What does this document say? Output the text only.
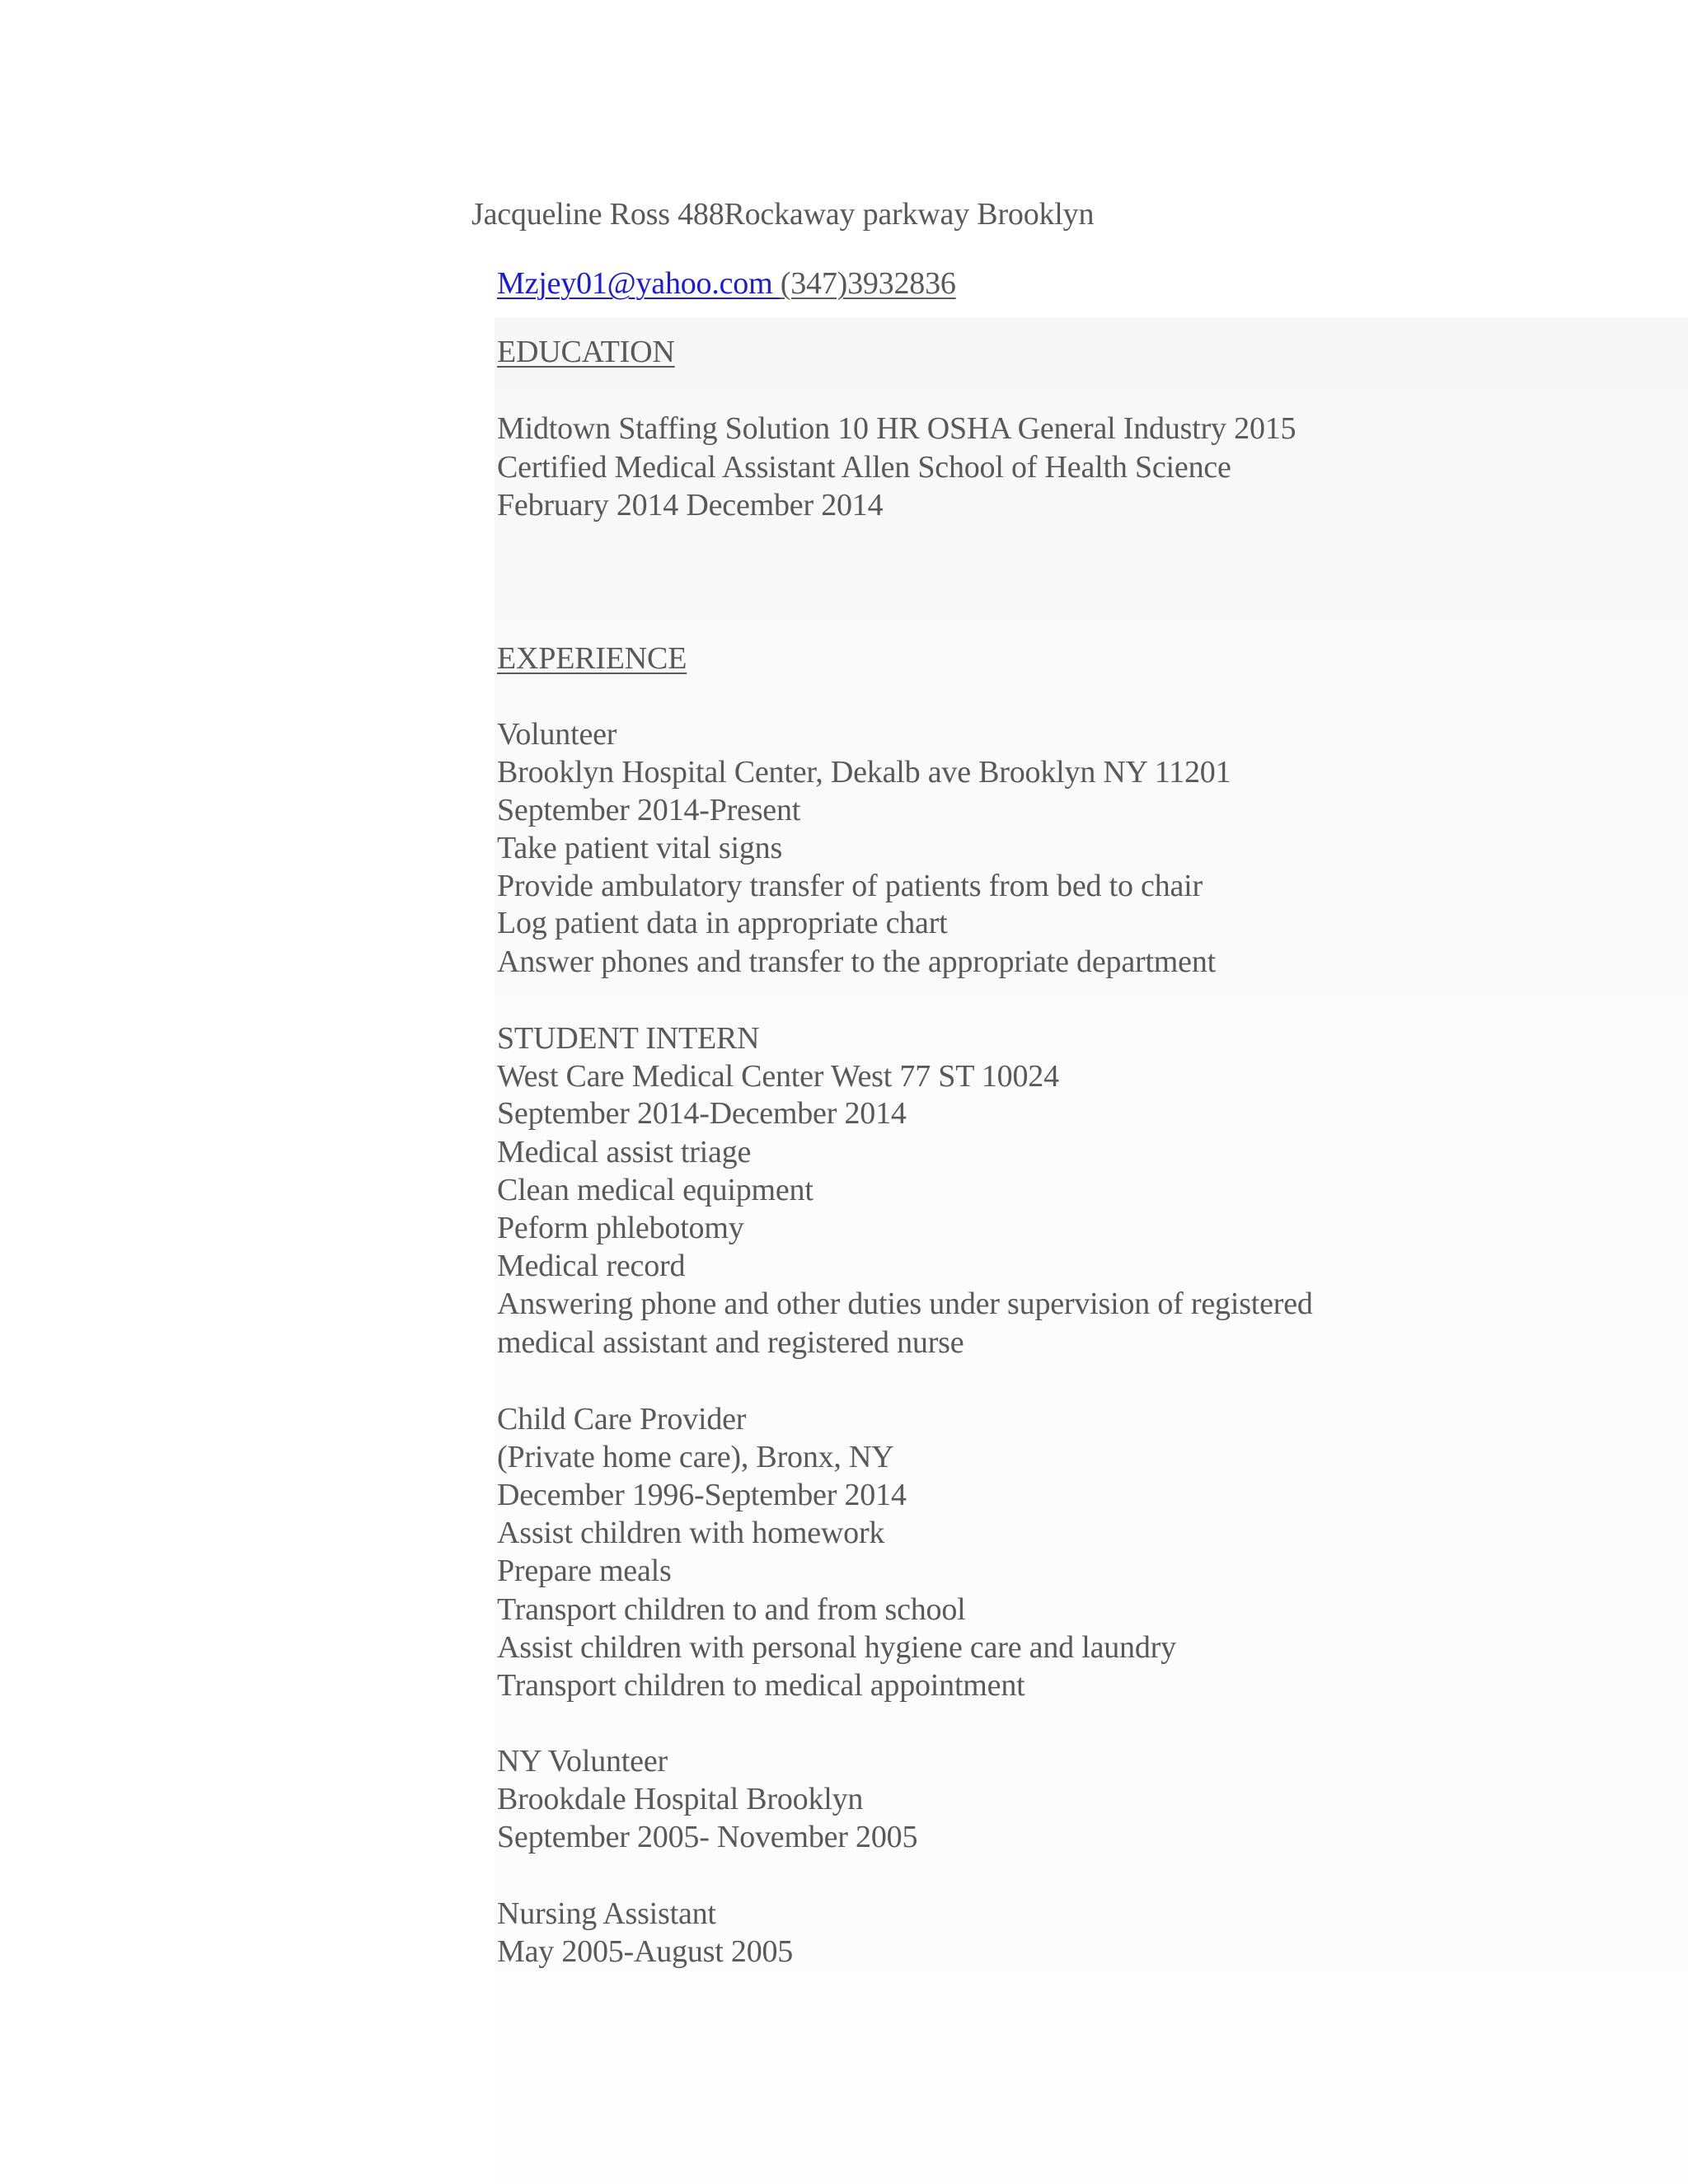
Jacqueline Ross 488Rockaway parkway Brooklyn
Mzjey01@yahoo.com (347)3932836
EDUCATION
Midtown Staffing Solution 10 HR OSHA General Industry 2015
Certified Medical Assistant Allen School of Health Science
February 2014 December 2014
EXPERIENCE
Volunteer
Brooklyn Hospital Center, Dekalb ave Brooklyn NY 11201
September 2014-Present
Take patient vital signs
Provide ambulatory transfer of patients from bed to chair
Log patient data in appropriate chart
Answer phones and transfer to the appropriate department
STUDENT INTERN
West Care Medical Center West 77 ST 10024
September 2014-December 2014
Medical assist triage
Clean medical equipment
Peform phlebotomy
Medical record
Answering phone and other duties under supervision of registered
medical assistant and registered nurse
Child Care Provider
(Private home care), Bronx, NY
December 1996-September 2014
Assist children with homework
Prepare meals
Transport children to and from school
Assist children with personal hygiene care and laundry
Transport children to medical appointment
NY Volunteer
Brookdale Hospital Brooklyn
September 2005- November 2005
Nursing Assistant
May 2005-August 2005
